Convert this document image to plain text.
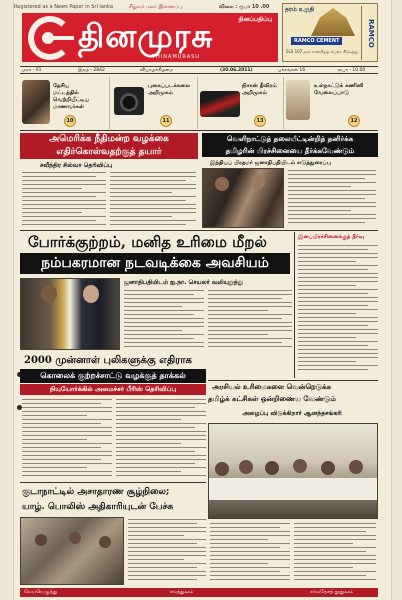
Registered as a News Paper in Sri lanka	சிறுவர் மலர் இணைப்பு	விலை : ரூபா 10 .00
தினமுரசு	தினப்பதிப்பு
THINAMURASU
தரம் உறுதி
RAMCO CEMENT
SLS 107 தரச் சான்றிதழ் பெற்ற சீமெந்து
RAMCO
முரசு - 01	இதழ் - 2842	வியாழக்கிழமை	(30.06.2011)	பக்கங்கள் 16	ரூபா - 10.00
தேசிய மட்டத்தில் வெற்றியீட்டிய மாணவர்கள்
10
புகைப்படக்கலை அறிமுகம்
11
நிசான் தீவிரம் அறிமுகம்
13
உள்நாட்டுக் கணினி வேலைப்பாடு
12
அமெரிக்க நீதிமன்ற வழக்கை
எதிர்கொள்வதற்குத் தயார்
சவீந்திர சில்வா தெரிவிப்பு
வெளிநாட்டுத் தலையீட்டின்றித் தனிர்க்க
தமிழரின் பிரச்சினையை தீர்க்கவேண்டும்
இந்தியப் பிரதமர் ஜனாதிபதியிடம் எடுத்துரைப்பு
போர்க்குற்றம், மனித உரிமை மீறல்
நம்பகரமான நடவடிக்கை அவசியம்
இனப்பிரச்சினைக்குத் தீர்வு
ஜனாதிபதியிடம் ஐ.நா. செயலர் வலியுறுத்து
2000 முன்னாள் புலிகளுக்கு எதிராக
கொலைக் குற்றச்சாட்டு வழக்குத் தாக்கல்
நியுயோர்க்கில் அமைச்சர் பீரிஸ் தெரிவிப்பு	அரசியல் உரிமைகளை வென்றெடுக்க
தமிழ்க் கட்சிகள் ஒன்றிணைய வேண்டும்
அழைப்பு விடுக்கிறார் ஆனந்தசங்கரி
குடாநாட்டில் அசாதாரண சூழ்நிலை;
யாழ். பொலிஸ் அதிகாரியுடன் பேச்சு
மெய்யெழுத்து	சமத்துவம்	சர்வதேசத் தூதுவம்
